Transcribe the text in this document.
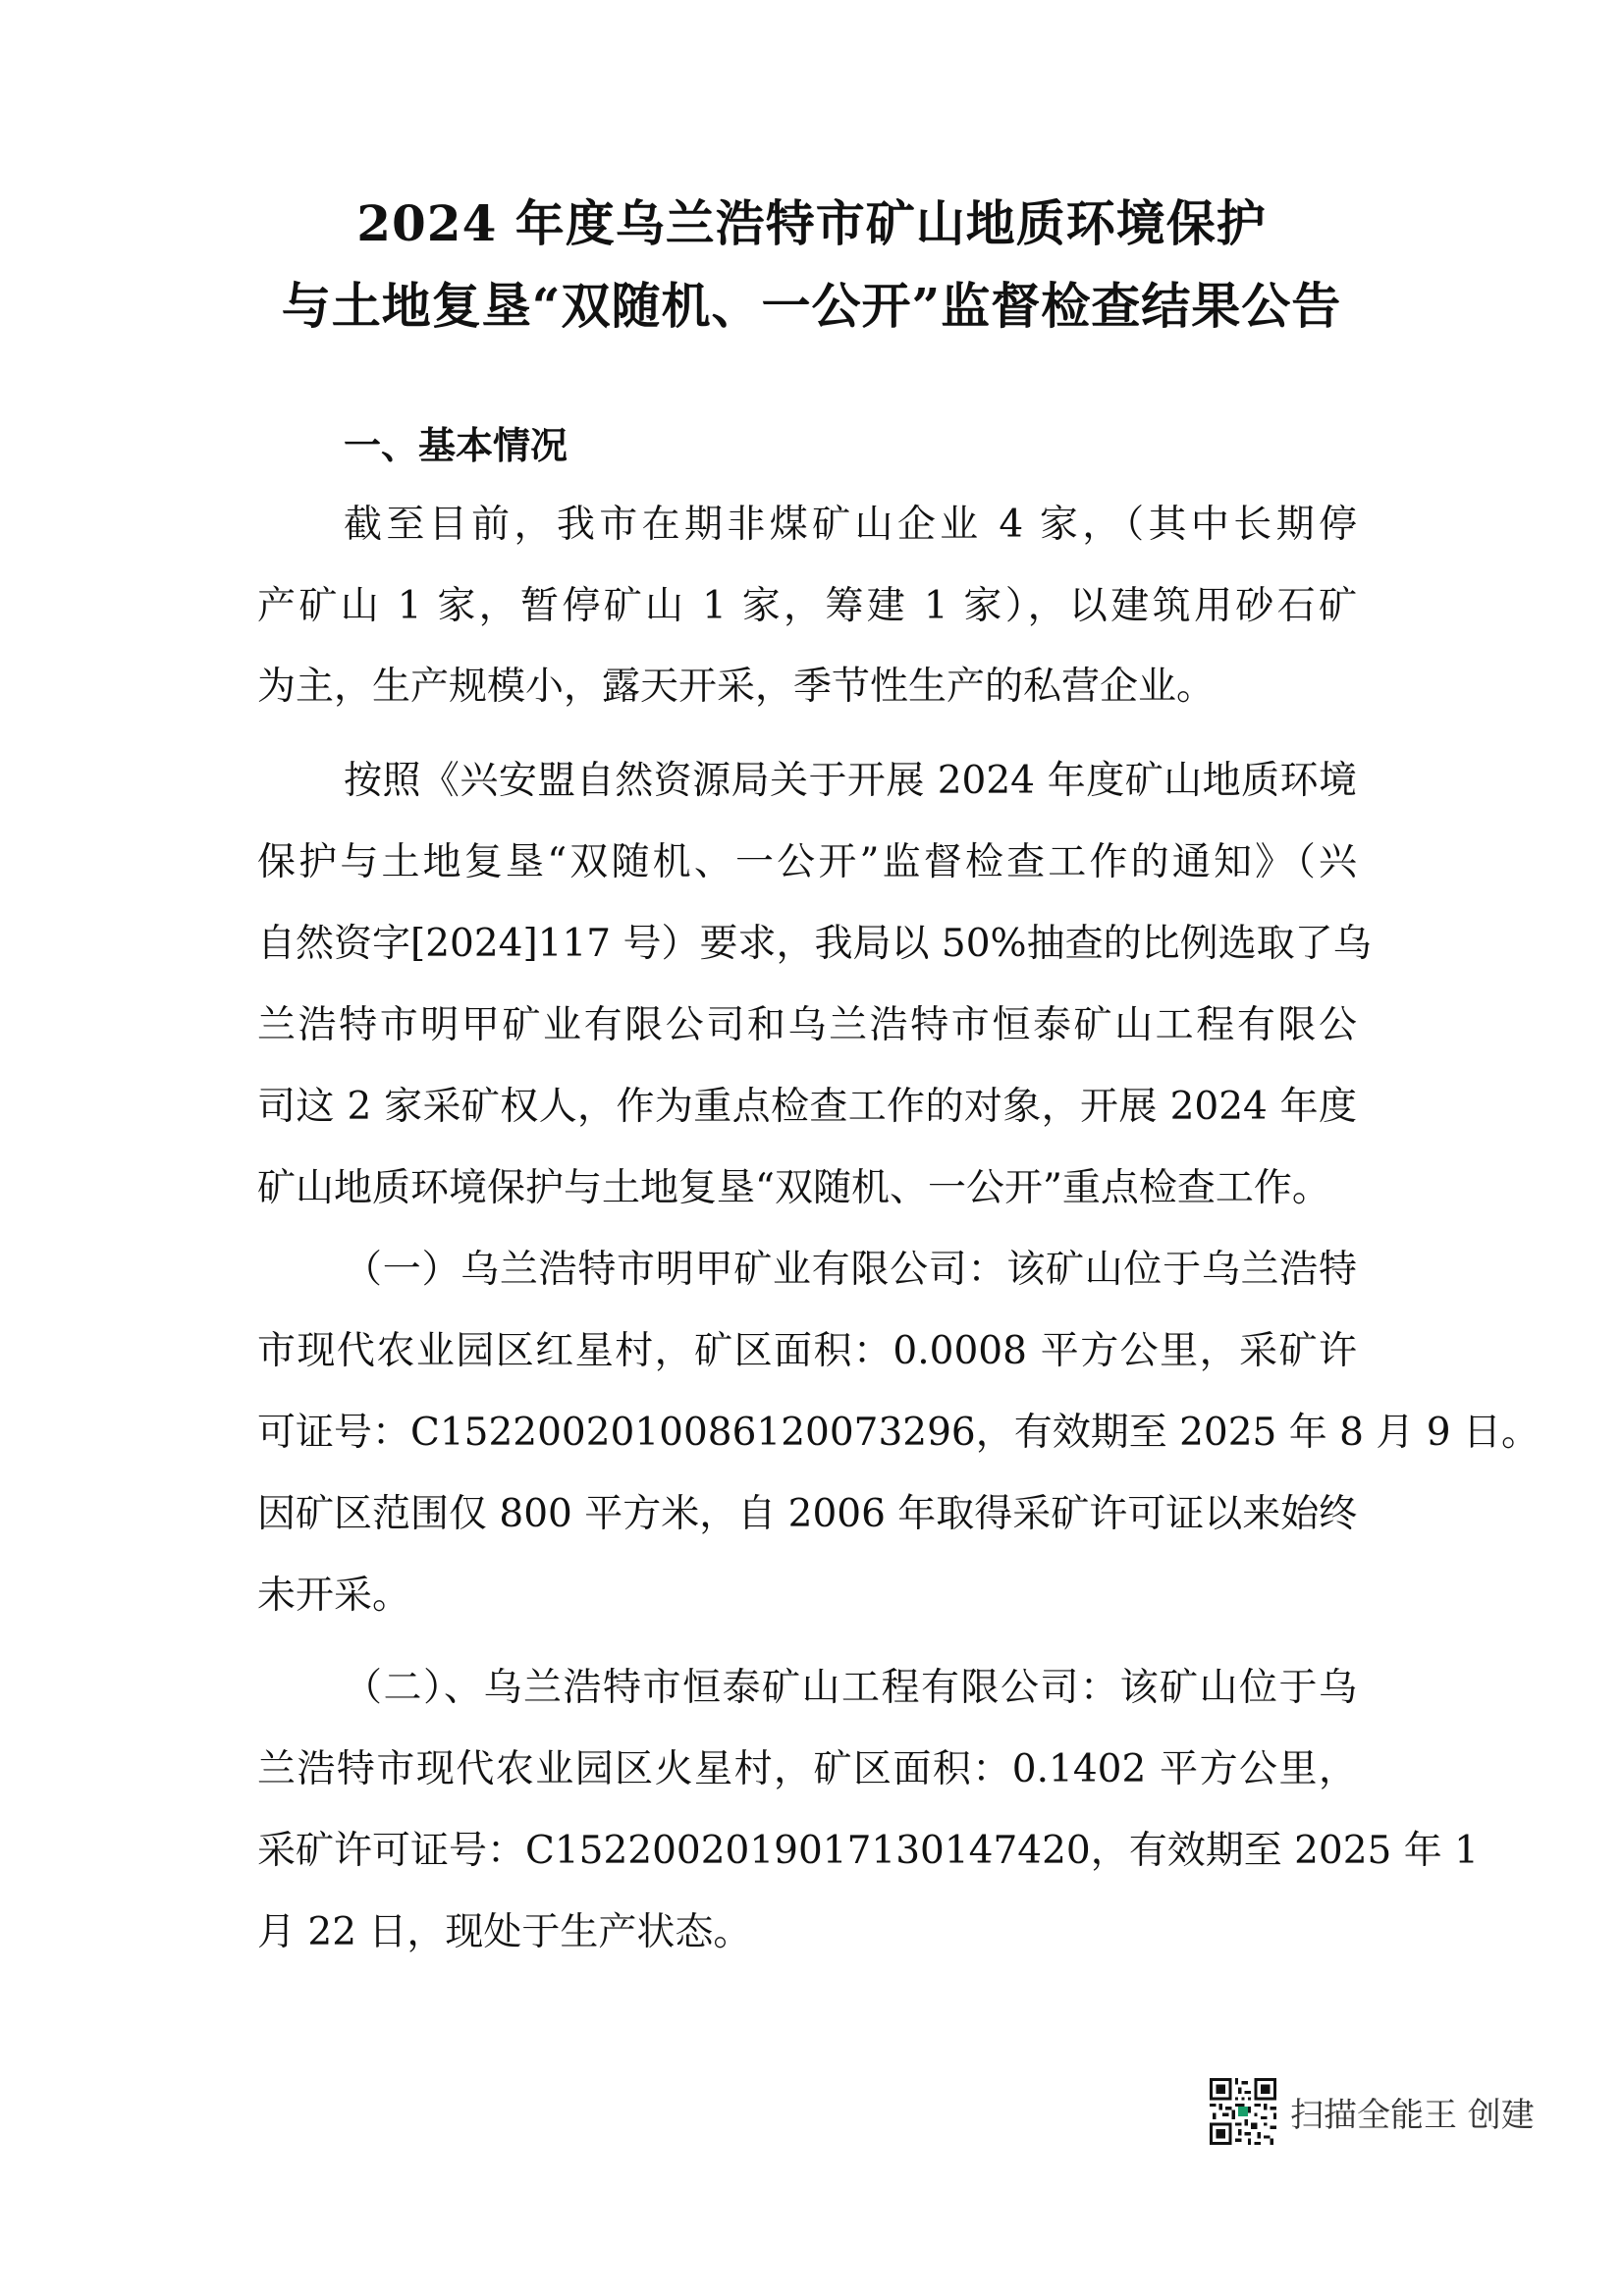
2024 年度乌兰浩特市矿山地质环境保护
与土地复垦“双随机、一公开”监督检查结果公告
一、基本情况
截至目前，我市在期非煤矿山企业 4 家，（其中长期停
产矿山 1 家，暂停矿山 1 家，筹建 1 家），以建筑用砂石矿
为主，生产规模小，露天开采，季节性生产的私营企业。
按照《兴安盟自然资源局关于开展 2024 年度矿山地质环境
保护与土地复垦“双随机、一公开”监督检查工作的通知》（兴
自然资字[2024]117 号）要求，我局以 50%抽查的比例选取了乌
兰浩特市明甲矿业有限公司和乌兰浩特市恒泰矿山工程有限公
司这 2 家采矿权人，作为重点检查工作的对象，开展 2024 年度
矿山地质环境保护与土地复垦“双随机、一公开”重点检查工作。
（一）乌兰浩特市明甲矿业有限公司：该矿山位于乌兰浩特
市现代农业园区红星村，矿区面积：0.0008 平方公里，采矿许
可证号：C1522002010086120073296，有效期至 2025 年 8 月 9 日。
因矿区范围仅 800 平方米，自 2006 年取得采矿许可证以来始终
未开采。
（二）、乌兰浩特市恒泰矿山工程有限公司：该矿山位于乌
兰浩特市现代农业园区火星村，矿区面积：0.1402 平方公里，
采矿许可证号：C1522002019017130147420，有效期至 2025 年 1
月 22 日，现处于生产状态。
扫描全能王 创建
